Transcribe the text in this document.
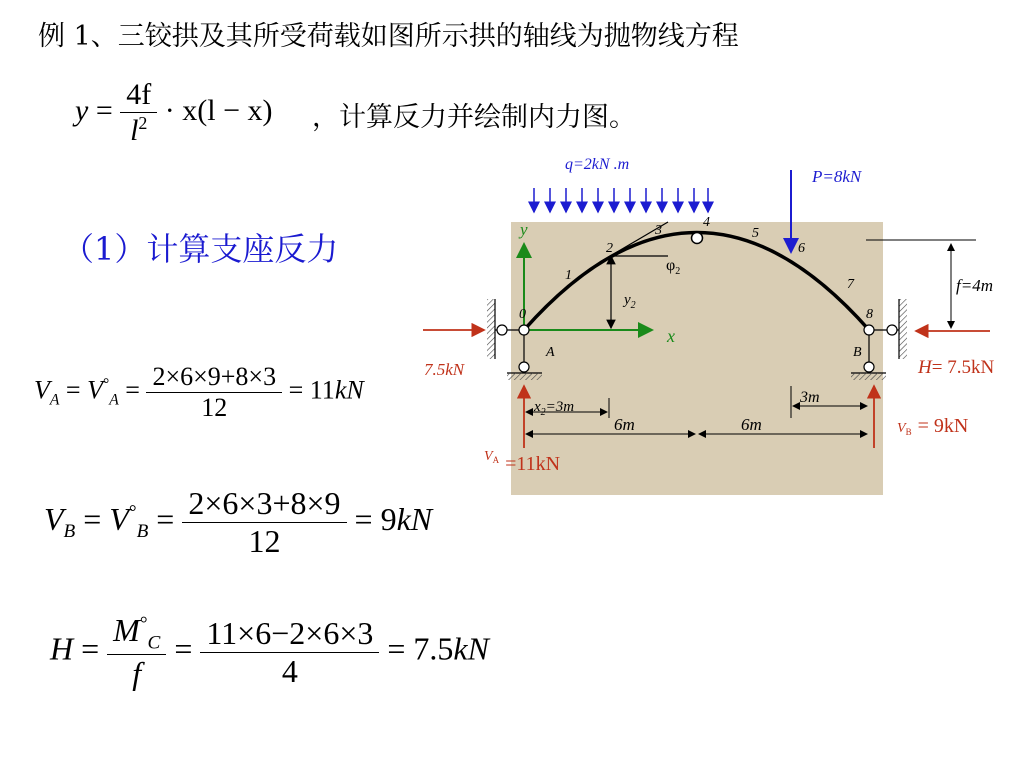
例 1、三铰拱及其所受荷载如图所示拱的轴线为抛物线方程
$y = \frac{4f}{l^2} \cdot x(l - x)$ ，计算反力并绘制内力图。
（1）计算支座反力
$V_A = V^\circ_A = \frac{2\times 6\times 9+8\times 3}{12} = 11kN$
$V_B = V^\circ_B = \frac{2\times 6\times 3+8\times 9}{12} = 9kN$
$H = \frac{M^\circ_C}{f} = \frac{11\times 6-2\times 6\times 3}{4} = 7.5kN$
q=2kN .m
P=8kN
f=4m
y
x
$y_2$
$\varphi_2$
0
1
2
3
4
5
6
7
8
A	B
7.5kN	H= 7.5kN
VA =11kN
VB = 9kN
$x_2=3m$
3m
6m	6m
